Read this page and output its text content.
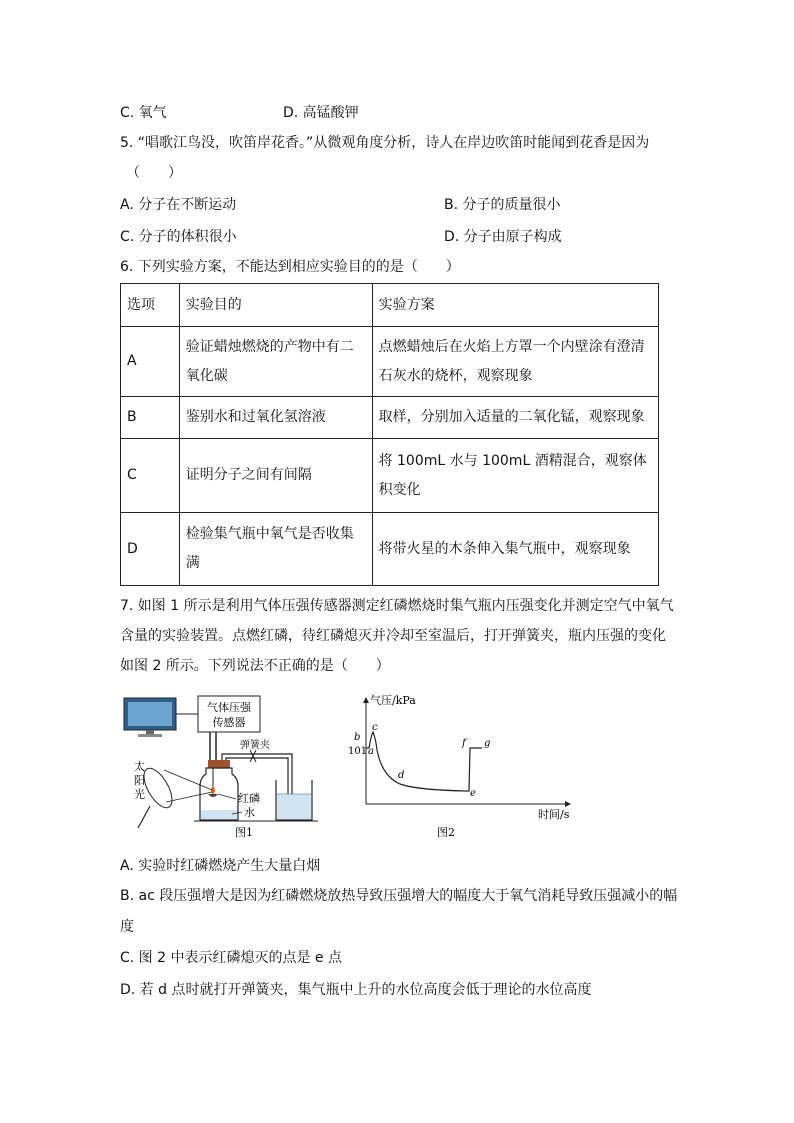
C. 氧气	D. 高锰酸钾
5. “唱歌江鸟没，吹笛岸花香。”从微观角度分析，诗人在岸边吹笛时能闻到花香是因为
（　　）
A. 分子在不断运动	B. 分子的质量很小
C. 分子的体积很小	D. 分子由原子构成
6. 下列实验方案，不能达到相应实验目的的是（　　）
选项	实验目的	实验方案
A	验证蜡烛燃烧的产物中有二氧化碳	点燃蜡烛后在火焰上方罩一个内壁涂有澄清石灰水的烧杯，观察现象
B	鉴别水和过氧化氢溶液	取样，分别加入适量的二氧化锰，观察现象
C	证明分子之间有间隔	将 100mL 水与 100mL 酒精混合，观察体积变化
D	检验集气瓶中氧气是否收集满	将带火星的木条伸入集气瓶中，观察现象
7. 如图 1 所示是利用气体压强传感器测定红磷燃烧时集气瓶内压强变化并测定空气中氧气
含量的实验装置。点燃红磷，待红磷熄灭并冷却至室温后，打开弹簧夹，瓶内压强的变化
如图 2 所示。下列说法不正确的是（　　）
气体压强
传感器
弹簧夹
红磷
水
太
阳
光
图1
气压/kPa
时间/s
101 a
b
c
d
e
f g
图2
A. 实验时红磷燃烧产生大量白烟
B. ac 段压强增大是因为红磷燃烧放热导致压强增大的幅度大于氧气消耗导致压强减小的幅
度
C. 图 2 中表示红磷熄灭的点是 e 点
D. 若 d 点时就打开弹簧夹，集气瓶中上升的水位高度会低于理论的水位高度
